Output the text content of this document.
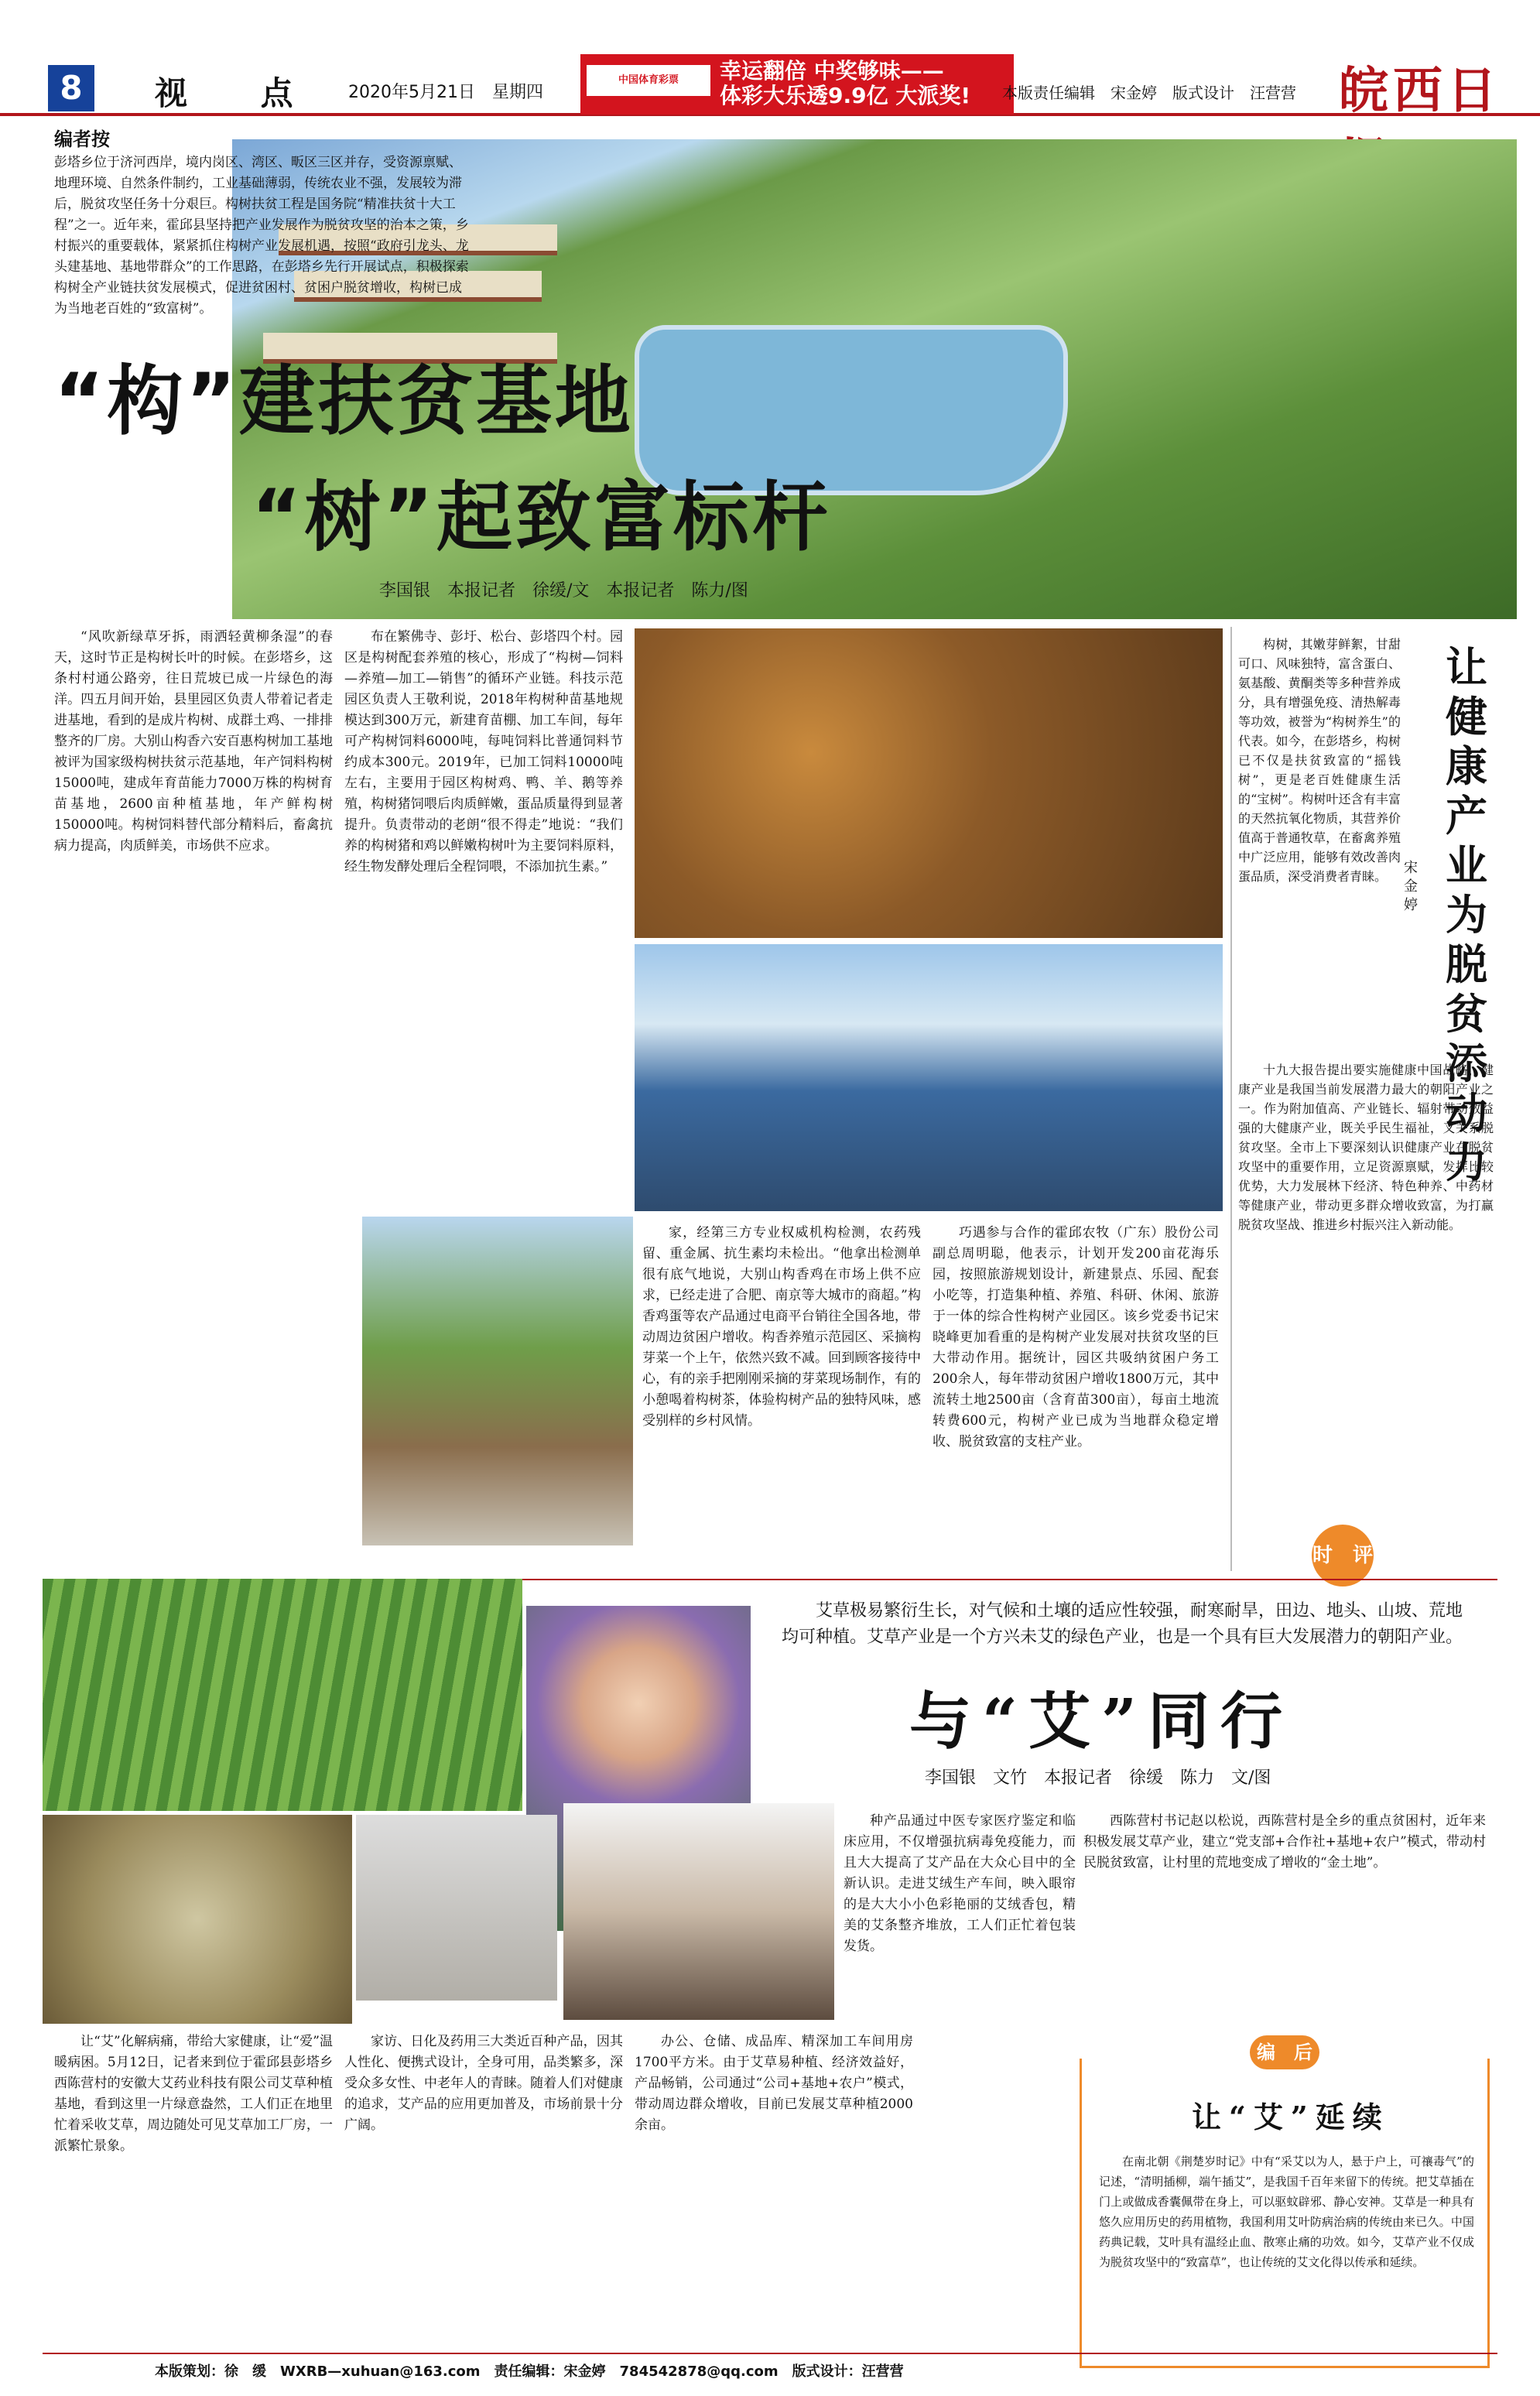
8	视 点 2020年5月21日　星期四
中国体育彩票	幸运翻倍 中奖够味——
体彩大乐透9.9亿 大派奖!	本版责任编辑　宋金婷　版式设计　汪营营 皖西日
编者按
彭塔乡位于济河西岸，境内岗区、湾区、畈区三区并存，受资源禀赋、地理环境、自然条件制约，工业基础薄弱，传统农业不强，发展较为滞后，脱贫攻坚任务十分艰巨。构树扶贫工程是国务院“精准扶贫十大工程”之一。近年来，霍邱县坚持把产业发展作为脱贫攻坚的治本之策，乡村振兴的重要载体，紧紧抓住构树产业发展机遇，按照“政府引龙头、龙头建基地、基地带群众”的工作思路，在彭塔乡先行开展试点，积极探索构树全产业链扶贫发展模式，促进贫困村、贫困户脱贫增收，构树已成为当地老百姓的“致富树”。
“构”建扶贫基地
“树”起致富标杆
李国银　本报记者　徐缓/文　本报记者　陈力/图
“风吹新绿草牙拆，雨洒轻黄柳条湿”的春天，这时节正是构树长叶的时候。在彭塔乡，这条村村通公路旁，往日荒坡已成一片绿色的海洋。四五月间开始，县里园区负责人带着记者走进基地，看到的是成片构树、成群土鸡、一排排整齐的厂房。大别山构香六安百惠构树加工基地被评为国家级构树扶贫示范基地，年产饲料构树15000吨，建成年育苗能力7000万株的构树育苗基地，2600亩种植基地，年产鲜构树150000吨。构树饲料替代部分精料后，畜禽抗病力提高，肉质鲜美，市场供不应求。
布在繁佛寺、彭圩、松台、彭塔四个村。园区是构树配套养殖的核心，形成了“构树—饲料—养殖—加工—销售”的循环产业链。科技示范园区负责人王敬利说，2018年构树种苗基地规模达到300万元，新建育苗棚、加工车间，每年可产构树饲料6000吨，每吨饲料比普通饲料节约成本300元。2019年，已加工饲料10000吨左右，主要用于园区构树鸡、鸭、羊、鹅等养殖，构树猪饲喂后肉质鲜嫩，蛋品质量得到显著提升。负责带动的老朗“很不得走”地说：“我们养的构树猪和鸡以鲜嫩构树叶为主要饲料原料，经生物发酵处理后全程饲喂，不添加抗生素。”
家，经第三方专业权威机构检测，农药残留、重金属、抗生素均未检出。“他拿出检测单很有底气地说，大别山构香鸡在市场上供不应求，已经走进了合肥、南京等大城市的商超。”构香鸡蛋等农产品通过电商平台销往全国各地，带动周边贫困户增收。构香养殖示范园区、采摘构芽菜一个上午，依然兴致不减。回到顾客接待中心，有的亲手把刚刚采摘的芽菜现场制作，有的小憩喝着构树茶，体验构树产品的独特风味，感受别样的乡村风情。
巧遇参与合作的霍邱农牧（广东）股份公司副总周明聪，他表示，计划开发200亩花海乐园，按照旅游规划设计，新建景点、乐园、配套小吃等，打造集种植、养殖、科研、休闲、旅游于一体的综合性构树产业园区。该乡党委书记宋晓峰更加看重的是构树产业发展对扶贫攻坚的巨大带动作用。据统计，园区共吸纳贫困户务工200余人，每年带动贫困户增收1800万元，其中流转土地2500亩（含育苗300亩），每亩土地流转费600元，构树产业已成为当地群众稳定增收、脱贫致富的支柱产业。
让健康产业为脱贫添动力
宋金婷
构树，其嫩芽鲜絮，甘甜可口、风味独特，富含蛋白、氨基酸、黄酮类等多种营养成分，具有增强免疫、清热解毒等功效，被誉为“构树养生”的代表。如今，在彭塔乡，构树已不仅是扶贫致富的“摇钱树”，更是老百姓健康生活的“宝树”。构树叶还含有丰富的天然抗氧化物质，其营养价值高于普通牧草，在畜禽养殖中广泛应用，能够有效改善肉蛋品质，深受消费者青睐。
十九大报告提出要实施健康中国战略，健康产业是我国当前发展潜力最大的朝阳产业之一。作为附加值高、产业链长、辐射带动效益强的大健康产业，既关乎民生福祉，又关系脱贫攻坚。全市上下要深刻认识健康产业在脱贫攻坚中的重要作用，立足资源禀赋，发挥比较优势，大力发展林下经济、特色种养、中药材等健康产业，带动更多群众增收致富，为打赢脱贫攻坚战、推进乡村振兴注入新动能。
时　评
艾草极易繁衍生长，对气候和土壤的适应性较强，耐寒耐旱，田边、地头、山坡、荒地均可种植。艾草产业是一个方兴未艾的绿色产业，也是一个具有巨大发展潜力的朝阳产业。
与“艾”同行
李国银　文竹　本报记者　徐缓　陈力　文/图
让“艾”化解病痛，带给大家健康，让“爱”温暖病困。5月12日，记者来到位于霍邱县彭塔乡西陈营村的安徽大艾药业科技有限公司艾草种植基地，看到这里一片绿意盎然，工人们正在地里忙着采收艾草，周边随处可见艾草加工厂房，一派繁忙景象。
家访、日化及药用三大类近百种产品，因其人性化、便携式设计，全身可用，品类繁多，深受众多女性、中老年人的青睐。随着人们对健康的追求，艾产品的应用更加普及，市场前景十分广阔。
办公、仓储、成品库、精深加工车间用房1700平方米。由于艾草易种植、经济效益好，产品畅销，公司通过“公司+基地+农户”模式，带动周边群众增收，目前已发展艾草种植2000余亩。
种产品通过中医专家医疗鉴定和临床应用，不仅增强抗病毒免疫能力，而且大大提高了艾产品在大众心目中的全新认识。走进艾绒生产车间，映入眼帘的是大大小小色彩艳丽的艾绒香包，精美的艾条整齐堆放，工人们正忙着包装发货。
西陈营村书记赵以松说，西陈营村是全乡的重点贫困村，近年来积极发展艾草产业，建立“党支部+合作社+基地+农户”模式，带动村民脱贫致富，让村里的荒地变成了增收的“金土地”。
编　后
让“艾”延续
在南北朝《荆楚岁时记》中有“采艾以为人，悬于户上，可禳毒气”的记述，“清明插柳，端午插艾”，是我国千百年来留下的传统。把艾草插在门上或做成香囊佩带在身上，可以驱蚊辟邪、静心安神。艾草是一种具有悠久应用历史的药用植物，我国利用艾叶防病治病的传统由来已久。中国药典记载，艾叶具有温经止血、散寒止痛的功效。如今，艾草产业不仅成为脱贫攻坚中的“致富草”，也让传统的艾文化得以传承和延续。
本版策划：徐　缓　WXRB—xuhuan@163.com　责任编辑：宋金婷　784542878@qq.com　版式设计：汪营营
